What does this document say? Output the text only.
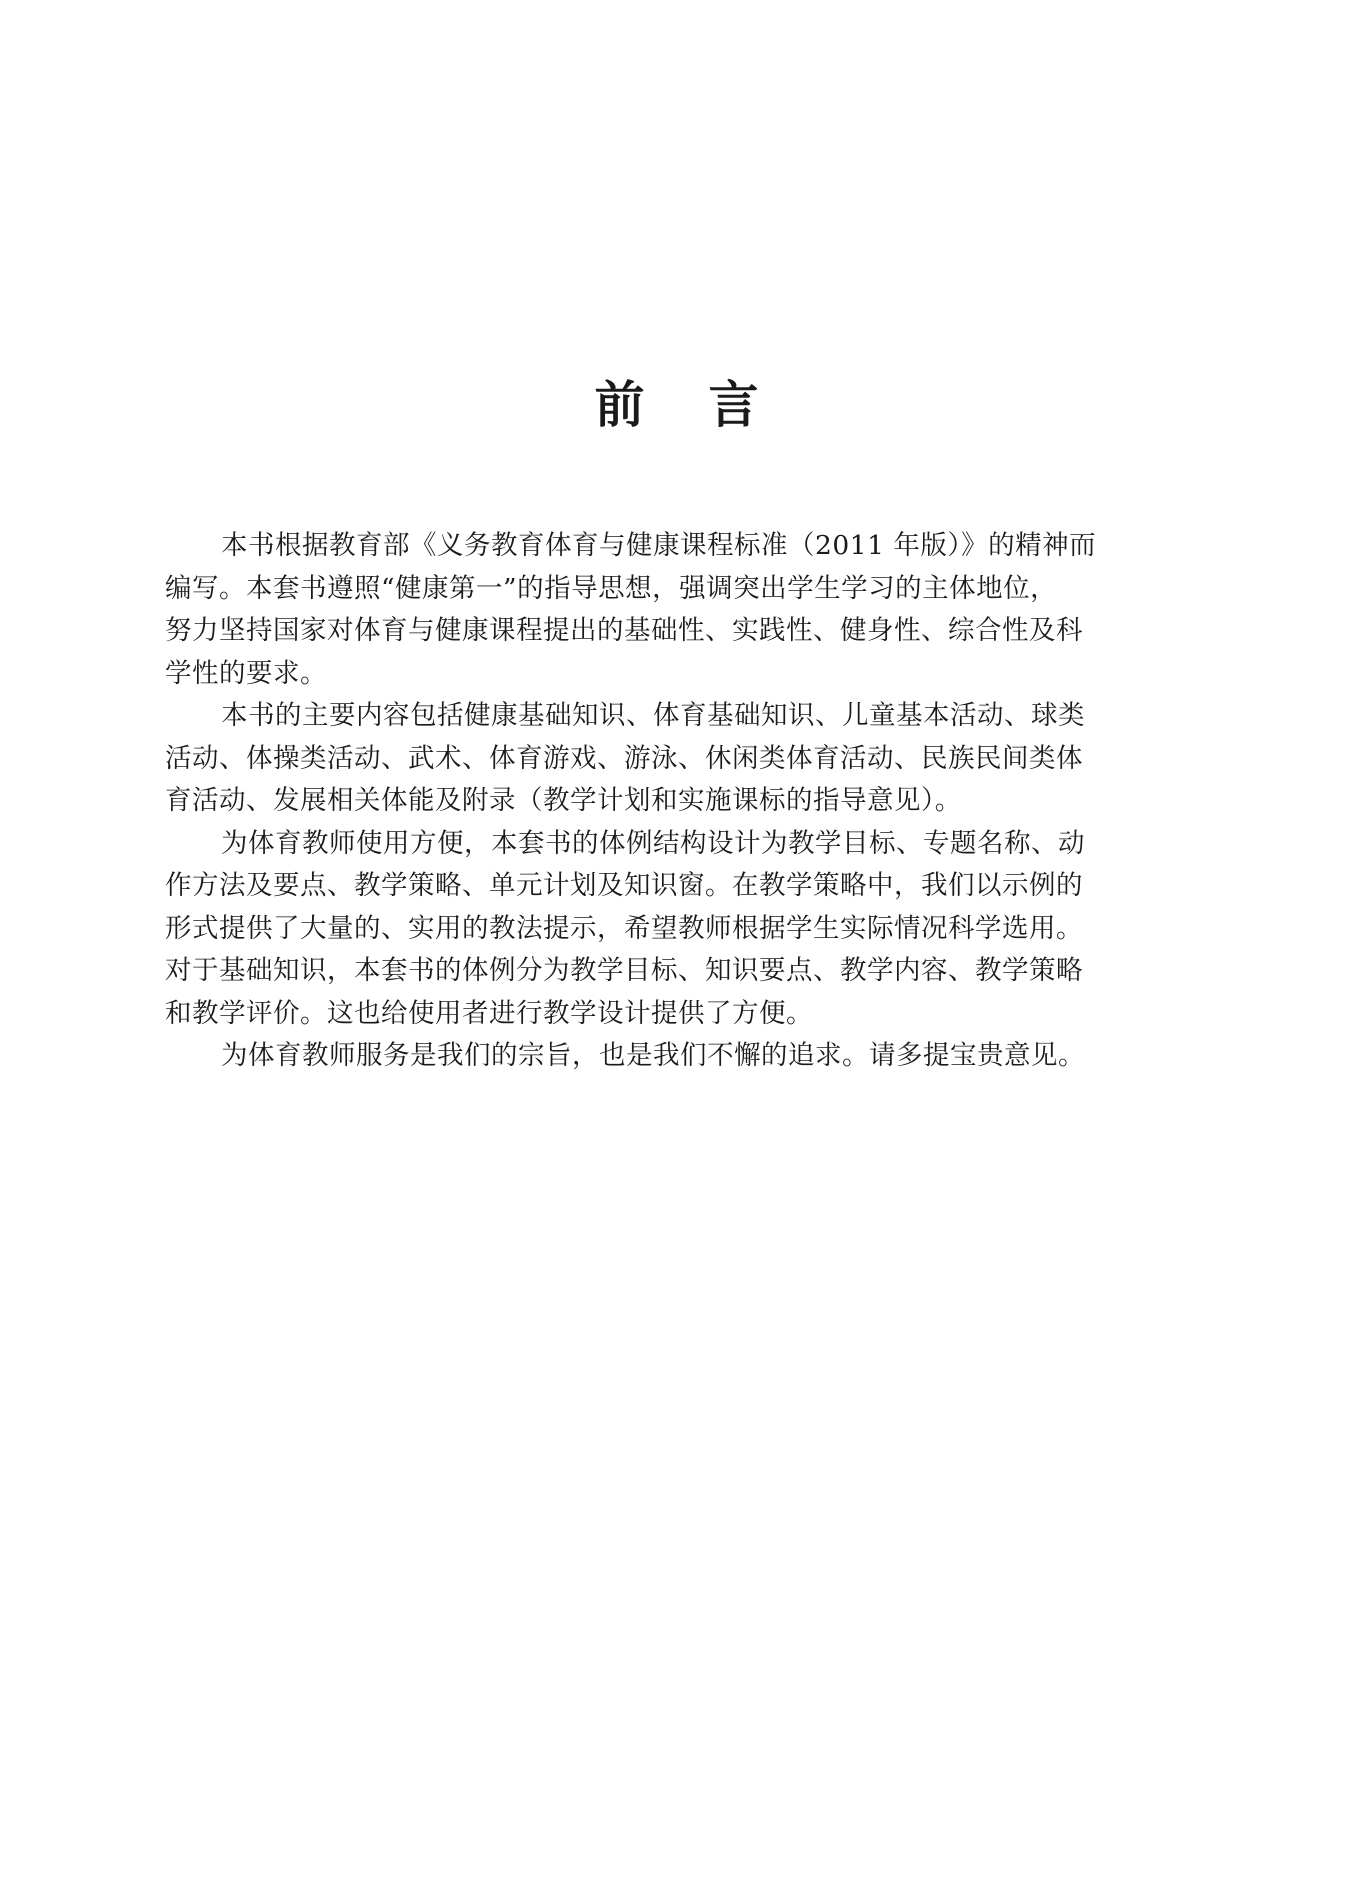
前 言
本书根据教育部《义务教育体育与健康课程标准（2011 年版）》的精神而
编写。本套书遵照“健康第一”的指导思想，强调突出学生学习的主体地位，
努力坚持国家对体育与健康课程提出的基础性、实践性、健身性、综合性及科
学性的要求。
本书的主要内容包括健康基础知识、体育基础知识、儿童基本活动、球类
活动、体操类活动、武术、体育游戏、游泳、休闲类体育活动、民族民间类体
育活动、发展相关体能及附录（教学计划和实施课标的指导意见）。
为体育教师使用方便，本套书的体例结构设计为教学目标、专题名称、动
作方法及要点、教学策略、单元计划及知识窗。在教学策略中，我们以示例的
形式提供了大量的、实用的教法提示，希望教师根据学生实际情况科学选用。
对于基础知识，本套书的体例分为教学目标、知识要点、教学内容、教学策略
和教学评价。这也给使用者进行教学设计提供了方便。
为体育教师服务是我们的宗旨，也是我们不懈的追求。请多提宝贵意见。
